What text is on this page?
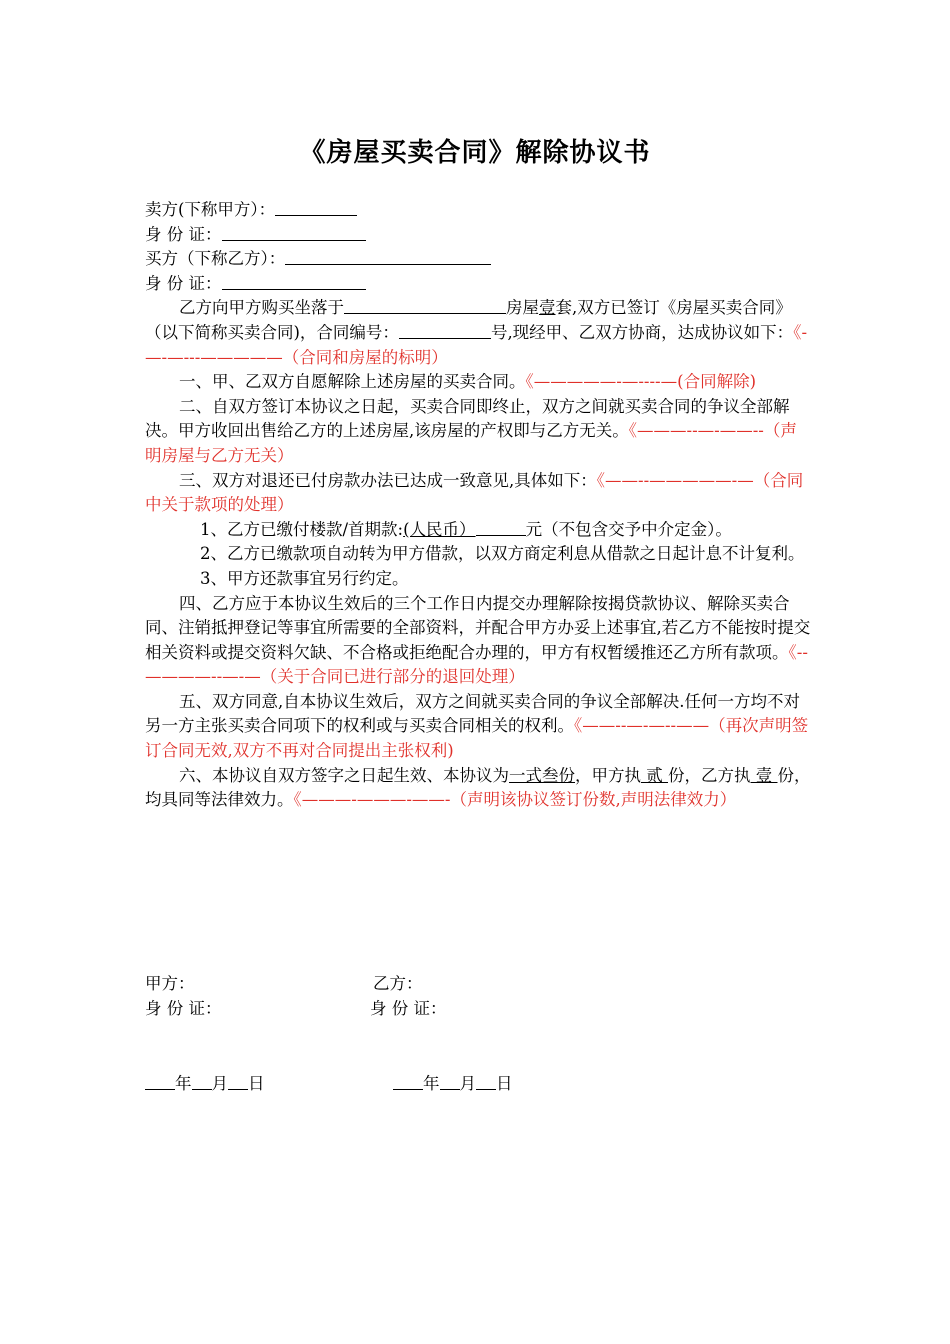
《房屋买卖合同》解除协议书
卖方(下称甲方）：
身 份 证：
买方（下称乙方）：
身 份 证：
乙方向甲方购买坐落于	房屋壹套,双方已签订《房屋买卖合同》（以下简称买卖合同)，合同编号：	号,现经甲、乙双方协商，达成协议如下：《-—-—---—————（合同和房屋的标明）
一、甲、乙双方自愿解除上述房屋的买卖合同。《—————-—----—(合同解除)
二、自双方签订本协议之日起，买卖合同即终止，双方之间就买卖合同的争议全部解决。甲方收回出售给乙方的上述房屋,该房屋的产权即与乙方无关。《———--—-——--（声明房屋与乙方无关）
三、双方对退还已付房款办法已达成一致意见,具体如下：《——--—————-—（合同中关于款项的处理）
1、乙方已缴付楼款/首期款:(人民币）	元（不包含交予中介定金）。
2、乙方已缴款项自动转为甲方借款，以双方商定利息从借款之日起计息不计复利。
3、甲方还款事宜另行约定。
四、乙方应于本协议生效后的三个工作日内提交办理解除按揭贷款协议、解除买卖合同、注销抵押登记等事宜所需要的全部资料，并配合甲方办妥上述事宜,若乙方不能按时提交相关资料或提交资料欠缺、不合格或拒绝配合办理的，甲方有权暂缓推还乙方所有款项。《--————--—-—（关于合同已进行部分的退回处理）
五、双方同意,自本协议生效后，双方之间就买卖合同的争议全部解决.任何一方均不对另一方主张买卖合同项下的权利或与买卖合同相关的权利。《——--—-—--——（再次声明签订合同无效,双方不再对合同提出主张权利)
六、本协议自双方签字之日起生效、本协议为一式叁份，甲方执 贰 份，乙方执 壹 份，均具同等法律效力。《———-———-——-（声明该协议签订份数,声明法律效力）
甲方：	乙方：
身 份 证：	身 份 证：
年 月 日	年 月 日
